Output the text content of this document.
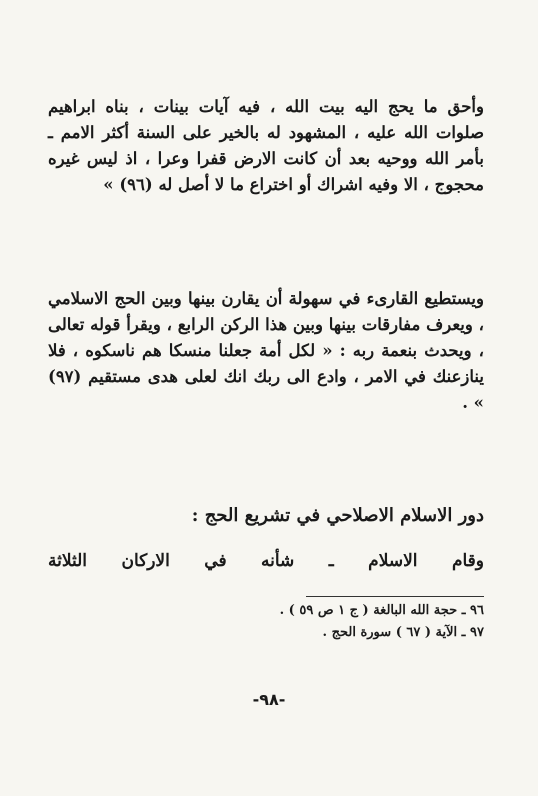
وأحق ما يحج اليه بيت الله ، فيه آيات بينات ، بناه ابراهيم صلوات الله عليه ، المشهود له بالخير على السنة أكثر الامم ـ بأمر الله ووحيه بعد أن كانت الارض قفرا وعرا ، اذ ليس غيره محجوج ، الا وفيه اشراك أو اختراع ما لا أصل له (٩٦) »

ويستطيع القارىء في سهولة أن يقارن بينها وبين الحج الاسلامي ، ويعرف مفارقات بينها وبين هذا الركن الرابع ، ويقرأ قوله تعالى ، ويحدث بنعمة ربه : « لكل أمة جعلنا منسكا هم ناسكوه ، فلا ينازعنك في الامر ، وادع الى ربك انك لعلى هدى مستقيم (٩٧) » .

دور الاسلام الاصلاحي في تشريع الحج :

وقام الاسلام ـ شأنه في الاركان الثلاثة

٩٦ ـ حجة الله البالغة ( ج ١ ص ٥٩ ) .
٩٧ ـ الآية ( ٦٧ ) سورة الحج .
-٩٨-
